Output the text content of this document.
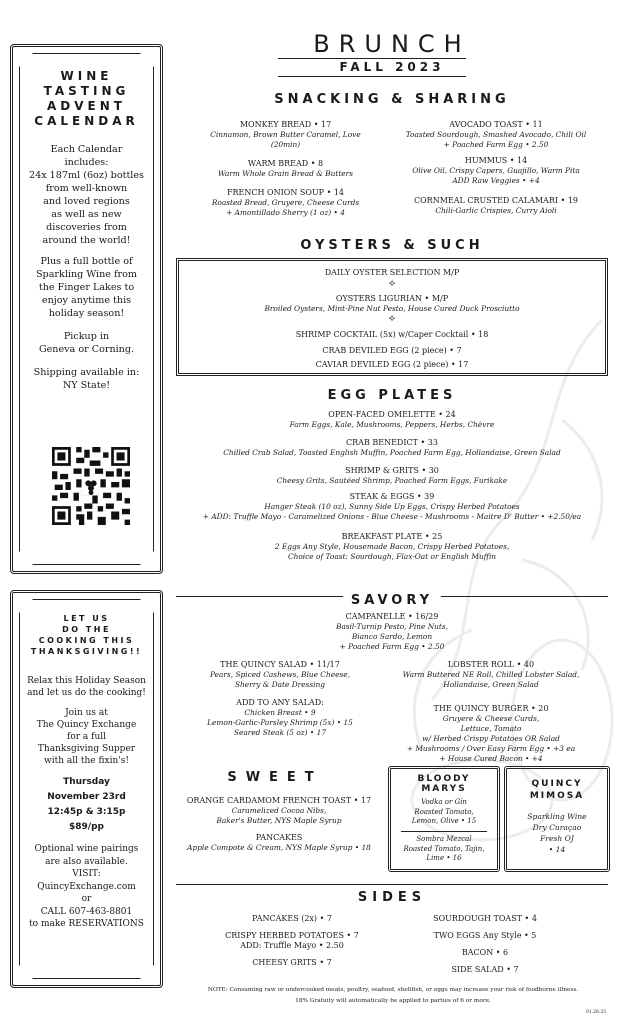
BRUNCH
FALL 2023
WINE
TASTING
ADVENT
CALENDAR
Each Calendar
includes:
24x 187ml (6oz) bottles
from well-known
and loved regions
as well as new
discoveries from
around the world!
Plus a full bottle of
Sparkling Wine from
the Finger Lakes to
enjoy anytime this
holiday season!
Pickup in
Geneva or Corning.
Shipping available in:
NY State!
LET US
DO THE
COOKING THIS
THANKSGIVING!!
Relax this Holiday Season
and let us do the cooking!
Join us at
The Quincy Exchange
for a full
Thanksgiving Supper
with all the fixin's!
Thursday
November 23rd
12:45p & 3:15p
$89/pp
Optional wine pairings
are also available.
VISIT:
QuincyExchange.com
or
CALL 607-463-8801
to make RESERVATIONS
SNACKING & SHARING
MONKEY BREAD • 17
Cinnamon, Brown Butter Caramel, Love
(20min)
WARM BREAD • 8
Warm Whole Grain Bread & Butters
FRENCH ONION SOUP • 14
Roasted Bread, Gruyere, Cheese Curds
+ Amontillado Sherry (1 oz) • 4
AVOCADO TOAST • 11
Toasted Sourdough, Smashed Avocado, Chili Oil
+ Poached Farm Egg • 2.50
HUMMUS • 14
Olive Oil, Crispy Capers, Guajillo, Warm Pita
ADD Raw Veggies • +4
CORNMEAL CRUSTED CALAMARI • 19
Chili-Garlic Crispies, Curry Aioli
OYSTERS & SUCH
DAILY OYSTER SELECTION M/P
⟡
OYSTERS LIGURIAN • M/P
Broiled Oysters, Mint-Pine Nut Pesto, House Cured Duck Prosciutto
⟡
SHRIMP COCKTAIL (5x) w/Caper Cocktail • 18
CRAB DEVILED EGG (2 piece) • 7
CAVIAR DEVILED EGG (2 piece) • 17
EGG PLATES
OPEN-FACED OMELETTE • 24
Farm Eggs, Kale, Mushrooms, Peppers, Herbs, Chèvre
CRAB BENEDICT • 33
Chilled Crab Salad, Toasted English Muffin, Poached Farm Egg, Hollandaise, Green Salad
SHRIMP & GRITS • 30
Cheesy Grits, Sautéed Shrimp, Poached Farm Eggs, Furikake
STEAK & EGGS • 39
Hanger Steak (10 oz), Sunny Side Up Eggs, Crispy Herbed Potatoes
+ ADD: Truffle Mayo - Caramelized Onions - Blue Cheese - Mushrooms - Maitre D' Butter • +2.50/ea
BREAKFAST PLATE • 25
2 Eggs Any Style, Housemade Bacon, Crispy Herbed Potatoes,
Choice of Toast: Sourdough, Flax-Oat or English Muffin
SAVORY
CAMPANELLE • 16/29
Basil-Turnip Pesto, Pine Nuts,
Bianco Sardo, Lemon
+ Poached Farm Egg • 2.50
THE QUINCY SALAD • 11/17
Pears, Spiced Cashews, Blue Cheese,
Sherry & Date Dressing
ADD TO ANY SALAD:
Chicken Breast • 9
Lemon-Garlic-Parsley Shrimp (5x) • 15
Seared Steak (5 oz) • 17
LOBSTER ROLL • 40
Warm Buttered NE Roll, Chilled Lobster Salad,
Hollandaise, Green Salad
THE QUINCY BURGER • 20
Gruyere & Cheese Curds,
Lettuce, Tomato
w/ Herbed Crispy Potatoes OR Salad
+ Mushrooms / Over Easy Farm Egg • +3 ea
+ House Cured Bacon • +4
SWEET
ORANGE CARDAMOM FRENCH TOAST • 17
Caramelized Cocoa Nibs,
Baker's Butter, NYS Maple Syrup
PANCAKES
Apple Compote & Cream, NYS Maple Syrup • 18
BLOODY
MARYS
Vodka or Gin
Roasted Tomato,
Lemon, Olive • 15
Sombra Mezcal
Roasted Tomato, Tajin,
Lime • 16
QUINCY
MIMOSA
Sparkling Wine
Dry Curaçao
Fresh OJ
• 14
SIDES
PANCAKES (2x) • 7
CRISPY HERBED POTATOES • 7
ADD: Truffle Mayo • 2.50
CHEESY GRITS • 7
SOURDOUGH TOAST • 4
TWO EGGS Any Style • 5
BACON • 6
SIDE SALAD • 7
NOTE: Consuming raw or undercooked meats, poultry, seafood, shellfish, or eggs may increase your risk of foodborne illness.
18% Gratuity will automatically be applied to parties of 6 or more.
01.28.23
